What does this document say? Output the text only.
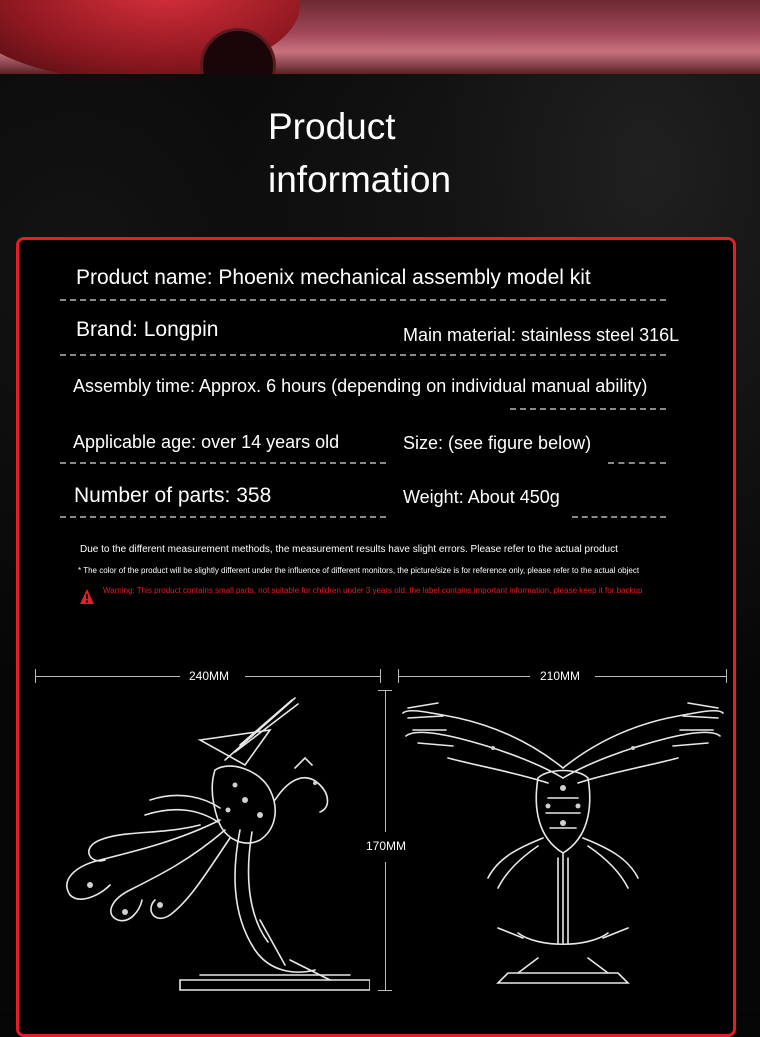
Product
information
Product name: Phoenix mechanical assembly model kit
Brand: Longpin	Main material: stainless steel 316L
Assembly time: Approx. 6 hours (depending on individual manual ability)
Applicable age: over 14 years old	Size: (see figure below)
Number of parts: 358	Weight: About 450g
Due to the different measurement methods, the measurement results have slight errors. Please refer to the actual product
* The color of the product will be slightly different under the influence of different monitors, the picture/size is for reference only, please refer to the actual object
Warning: This product contains small parts, not suitable for children under 3 years old, the label contains important information, please keep it for backup
240MM	210MM
170MM
